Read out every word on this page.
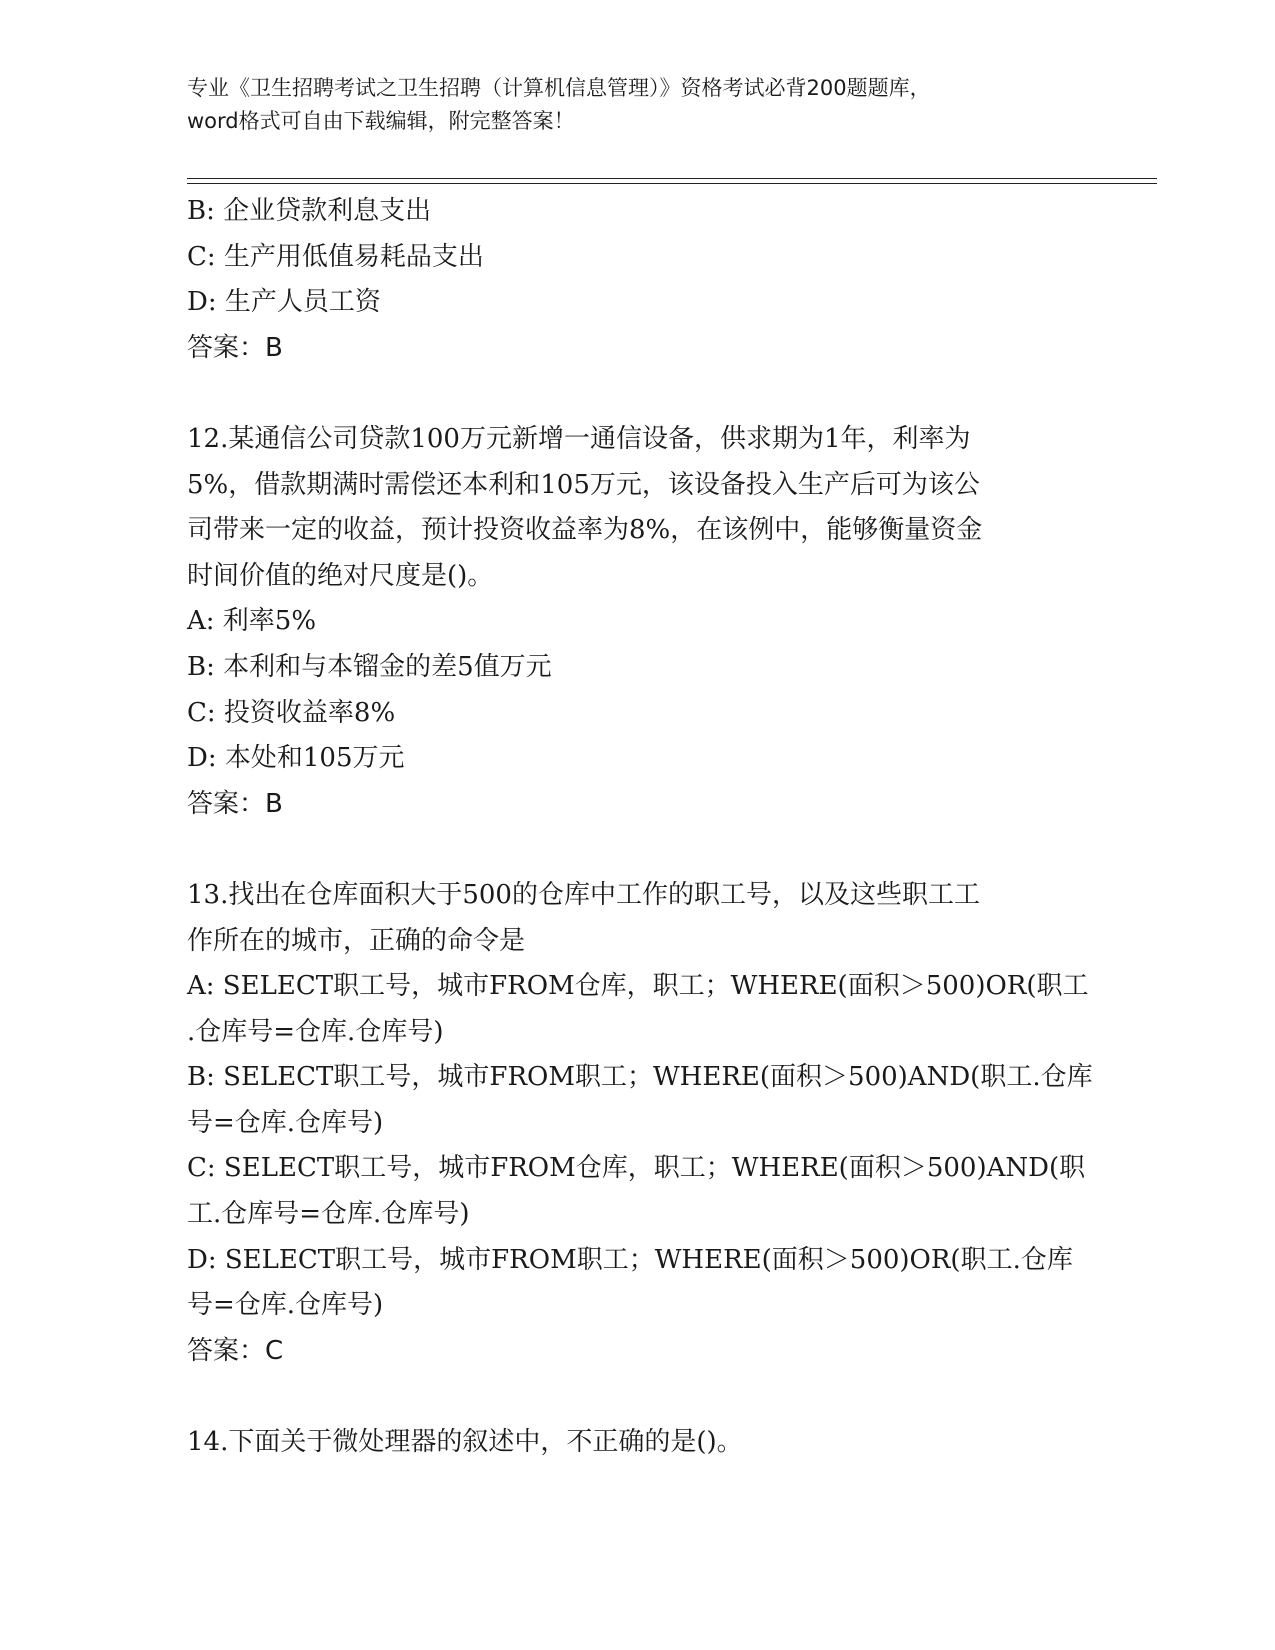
专业《卫生招聘考试之卫生招聘（计算机信息管理）》资格考试必背200题题库，
word格式可自由下载编辑，附完整答案！
B: 企业贷款利息支出
C: 生产用低值易耗品支出
D: 生产人员工资
答案：B
12.某通信公司贷款100万元新增一通信设备，供求期为1年，利率为
5%，借款期满时需偿还本利和105万元，该设备投入生产后可为该公
司带来一定的收益，预计投资收益率为8%，在该例中，能够衡量资金
时间价值的绝对尺度是()。
A: 利率5%
B: 本利和与本镏金的差5值万元
C: 投资收益率8%
D: 本处和105万元
答案：B
13.找出在仓库面积大于500的仓库中工作的职工号，以及这些职工工
作所在的城市，正确的命令是
A: SELECT职工号，城市FROM仓库，职工；WHERE(面积＞500)OR(职工
.仓库号=仓库.仓库号)
B: SELECT职工号，城市FROM职工；WHERE(面积＞500)AND(职工.仓库
号=仓库.仓库号)
C: SELECT职工号，城市FROM仓库，职工；WHERE(面积＞500)AND(职
工.仓库号=仓库.仓库号)
D: SELECT职工号，城市FROM职工；WHERE(面积＞500)OR(职工.仓库
号=仓库.仓库号)
答案：C
14.下面关于微处理器的叙述中，不正确的是()。
